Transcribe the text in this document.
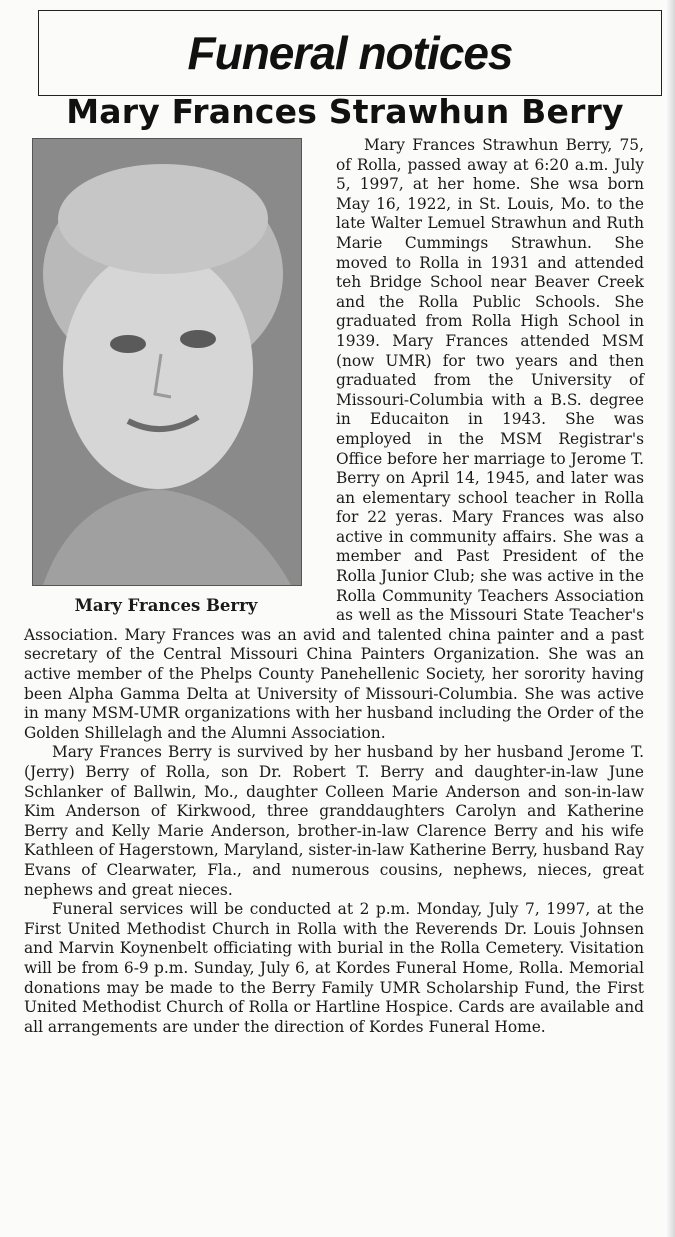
Funeral notices
Mary Frances Strawhun Berry
Mary Frances Berry

Mary Frances Strawhun Berry, 75, of Rolla, passed away at 6:20 a.m. July 5, 1997, at her home. She wsa born May 16, 1922, in St. Louis, Mo. to the late Walter Lemuel Strawhun and Ruth Marie Cummings Strawhun. She moved to Rolla in 1931 and attended teh Bridge School near Beaver Creek and the Rolla Public Schools. She graduated from Rolla High School in 1939. Mary Frances attended MSM (now UMR) for two years and then graduated from the University of Missouri-Columbia with a B.S. degree in Educaiton in 1943. She was employed in the MSM Registrar's Office before her marriage to Jerome T. Berry on April 14, 1945, and later was an elementary school teacher in Rolla for 22 yeras. Mary Frances was also active in community affairs. She was a member and Past President of the Rolla Junior Club; she was active in the Rolla Community Teachers Association as well as the Missouri State Teacher's Association. Mary Frances was an avid and talented china painter and a past secretary of the Central Missouri China Painters Organization. She was an active member of the Phelps County Panehellenic Society, her sorority having been Alpha Gamma Delta at University of Missouri-Columbia. She was active in many MSM-UMR organizations with her husband including the Order of the Golden Shillelagh and the Alumni Association.

Mary Frances Berry is survived by her husband by her husband Jerome T. (Jerry) Berry of Rolla, son Dr. Robert T. Berry and daughter-in-law June Schlanker of Ballwin, Mo., daughter Colleen Marie Anderson and son-in-law Kim Anderson of Kirkwood, three granddaughters Carolyn and Katherine Berry and Kelly Marie Anderson, brother-in-law Clarence Berry and his wife Kathleen of Hagerstown, Maryland, sister-in-law Katherine Berry, husband Ray Evans of Clearwater, Fla., and numerous cousins, nephews, nieces, great nephews and great nieces.

Funeral services will be conducted at 2 p.m. Monday, July 7, 1997, at the First United Methodist Church in Rolla with the Reverends Dr. Louis Johnsen and Marvin Koynenbelt officiating with burial in the Rolla Cemetery. Visitation will be from 6-9 p.m. Sunday, July 6, at Kordes Funeral Home, Rolla. Memorial donations may be made to the Berry Family UMR Scholarship Fund, the First United Methodist Church of Rolla or Hartline Hospice. Cards are available and all arrangements are under the direction of Kordes Funeral Home.
